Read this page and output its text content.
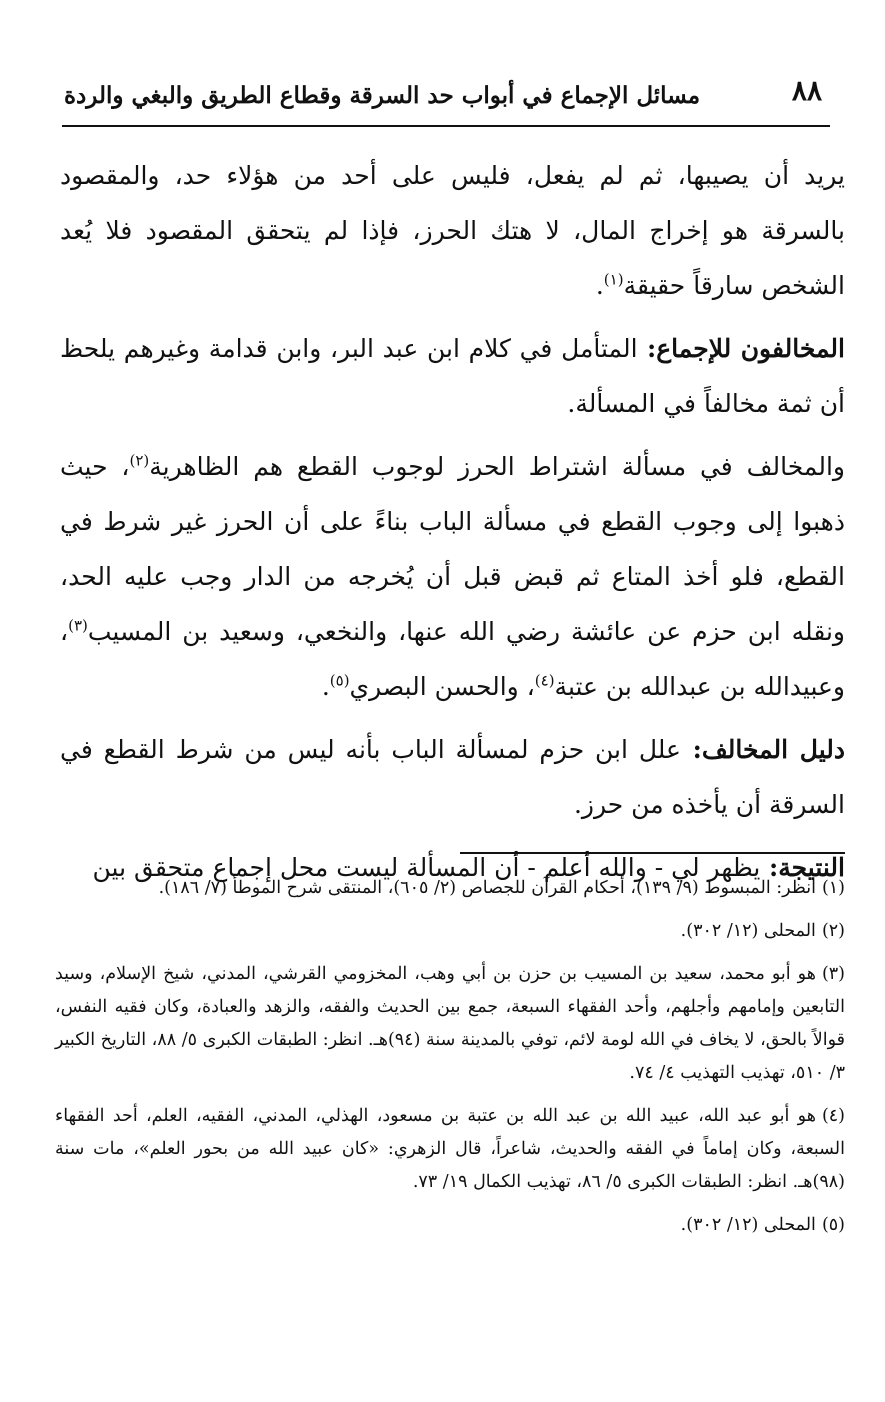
٨٨
مسائل الإجماع في أبواب حد السرقة وقطاع الطريق والبغي والردة

يريد أن يصيبها، ثم لم يفعل، فليس على أحد من هؤلاء حد، والمقصود بالسرقة هو إخراج المال، لا هتك الحرز، فإذا لم يتحقق المقصود فلا يُعد الشخص سارقاً حقيقة$^{(١)}$.

المخالفون للإجماع: المتأمل في كلام ابن عبد البر، وابن قدامة وغيرهم يلحظ أن ثمة مخالفاً في المسألة.

والمخالف في مسألة اشتراط الحرز لوجوب القطع هم الظاهرية$^{(٢)}$، حيث ذهبوا إلى وجوب القطع في مسألة الباب بناءً على أن الحرز غير شرط في القطع، فلو أخذ المتاع ثم قبض قبل أن يُخرجه من الدار وجب عليه الحد، ونقله ابن حزم عن عائشة رضي الله عنها، والنخعي، وسعيد بن المسيب$^{(٣)}$، وعبيدالله بن عبدالله بن عتبة$^{(٤)}$، والحسن البصري$^{(٥)}$.

دليل المخالف: علل ابن حزم لمسألة الباب بأنه ليس من شرط القطع في السرقة أن يأخذه من حرز.

النتيجة: يظهر لي - والله أعلم - أن المسألة ليست محل إجماع متحقق بين

(١)انظر: المبسوط (٩/ ١٣٩)، أحكام القرآن للجصاص (٢/ ٦٠٥)، المنتقى شرح الموطأ (٧/ ١٨٦).

(٢)المحلى (١٢/ ٣٠٢).

(٣)هو أبو محمد، سعيد بن المسيب بن حزن بن أبي وهب، المخزومي القرشي، المدني، شيخ الإسلام، وسيد التابعين وإمامهم وأجلهم، وأحد الفقهاء السبعة، جمع بين الحديث والفقه، والزهد والعبادة، وكان فقيه النفس، قوالاً بالحق، لا يخاف في الله لومة لائم، توفي بالمدينة سنة (٩٤)هـ. انظر: الطبقات الكبرى ٥/ ٨٨، التاريخ الكبير ٣/ ٥١٠، تهذيب التهذيب ٤/ ٧٤.

(٤)هو أبو عبد الله، عبيد الله بن عبد الله بن عتبة بن مسعود، الهذلي، المدني، الفقيه، العلم، أحد الفقهاء السبعة، وكان إماماً في الفقه والحديث، شاعراً، قال الزهري: «كان عبيد الله من بحور العلم»، مات سنة (٩٨)هـ. انظر: الطبقات الكبرى ٥/ ٨٦، تهذيب الكمال ١٩/ ٧٣.

(٥)المحلى (١٢/ ٣٠٢).
